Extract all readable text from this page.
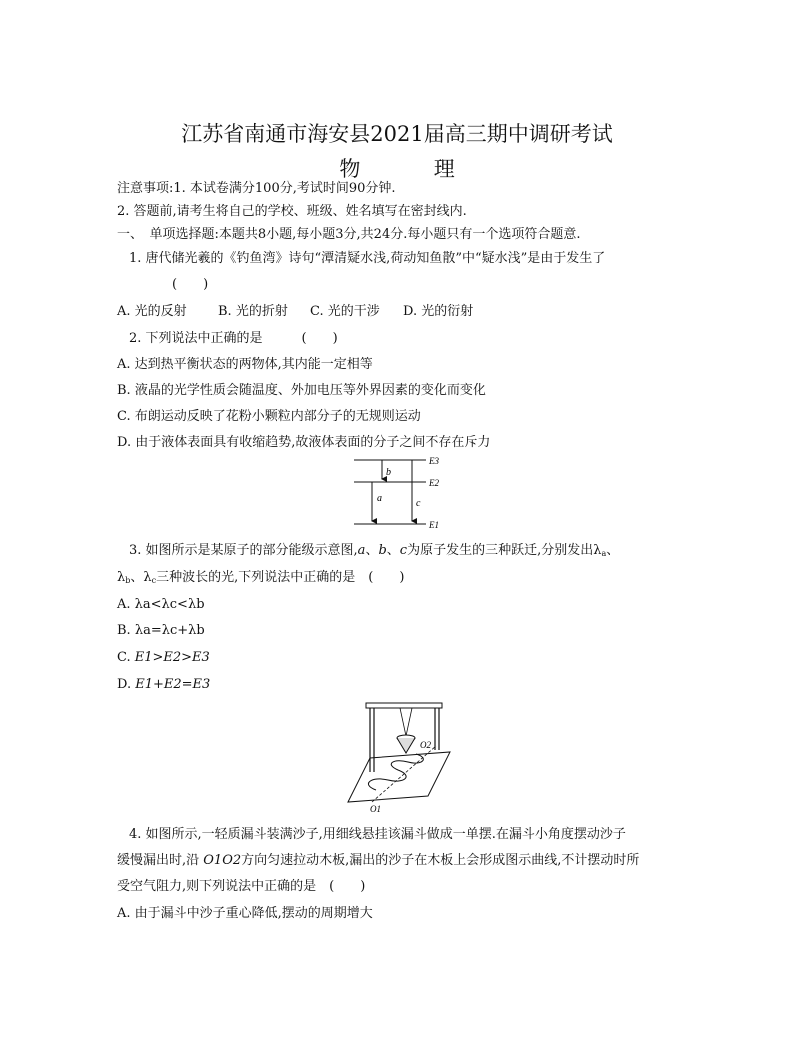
江苏省南通市海安县2021届高三期中调研考试
物	理
注意事项:1. 本试卷满分100分,考试时间90分钟.
2. 答题前,请考生将自己的学校、班级、姓名填写在密封线内.
一、　单项选择题:本题共8小题,每小题3分,共24分.每小题只有一个选项符合题意.
1. 唐代储光羲的《钓鱼湾》诗句“潭清疑水浅,荷动知鱼散”中“疑水浅”是由于发生了
(　　)
A. 光的反射 B. 光的折射 C. 光的干涉 D. 光的衍射
2. 下列说法中正确的是　　　(　　)
A. 达到热平衡状态的两物体,其内能一定相等
B. 液晶的光学性质会随温度、外加电压等外界因素的变化而变化
C. 布朗运动反映了花粉小颗粒内部分子的无规则运动
D. 由于液体表面具有收缩趋势,故液体表面的分子之间不存在斥力
E3
E2
E1
b
a	c
3. 如图所示是某原子的部分能级示意图,a、b、c为原子发生的三种跃迁,分别发出$\lambda_a$、
$\lambda_b$、$\lambda_c$三种波长的光,下列说法中正确的是　(　　)
A. λa<λc<λb
B. λa=λc+λb
C. E1>E2>E3
D. E1+E2=E3
O2
O1
4. 如图所示,一轻质漏斗装满沙子,用细线悬挂该漏斗做成一单摆.在漏斗小角度摆动沙子
缓慢漏出时,沿 O1O2方向匀速拉动木板,漏出的沙子在木板上会形成图示曲线,不计摆动时所
受空气阻力,则下列说法中正确的是　(　　)
A. 由于漏斗中沙子重心降低,摆动的周期增大
